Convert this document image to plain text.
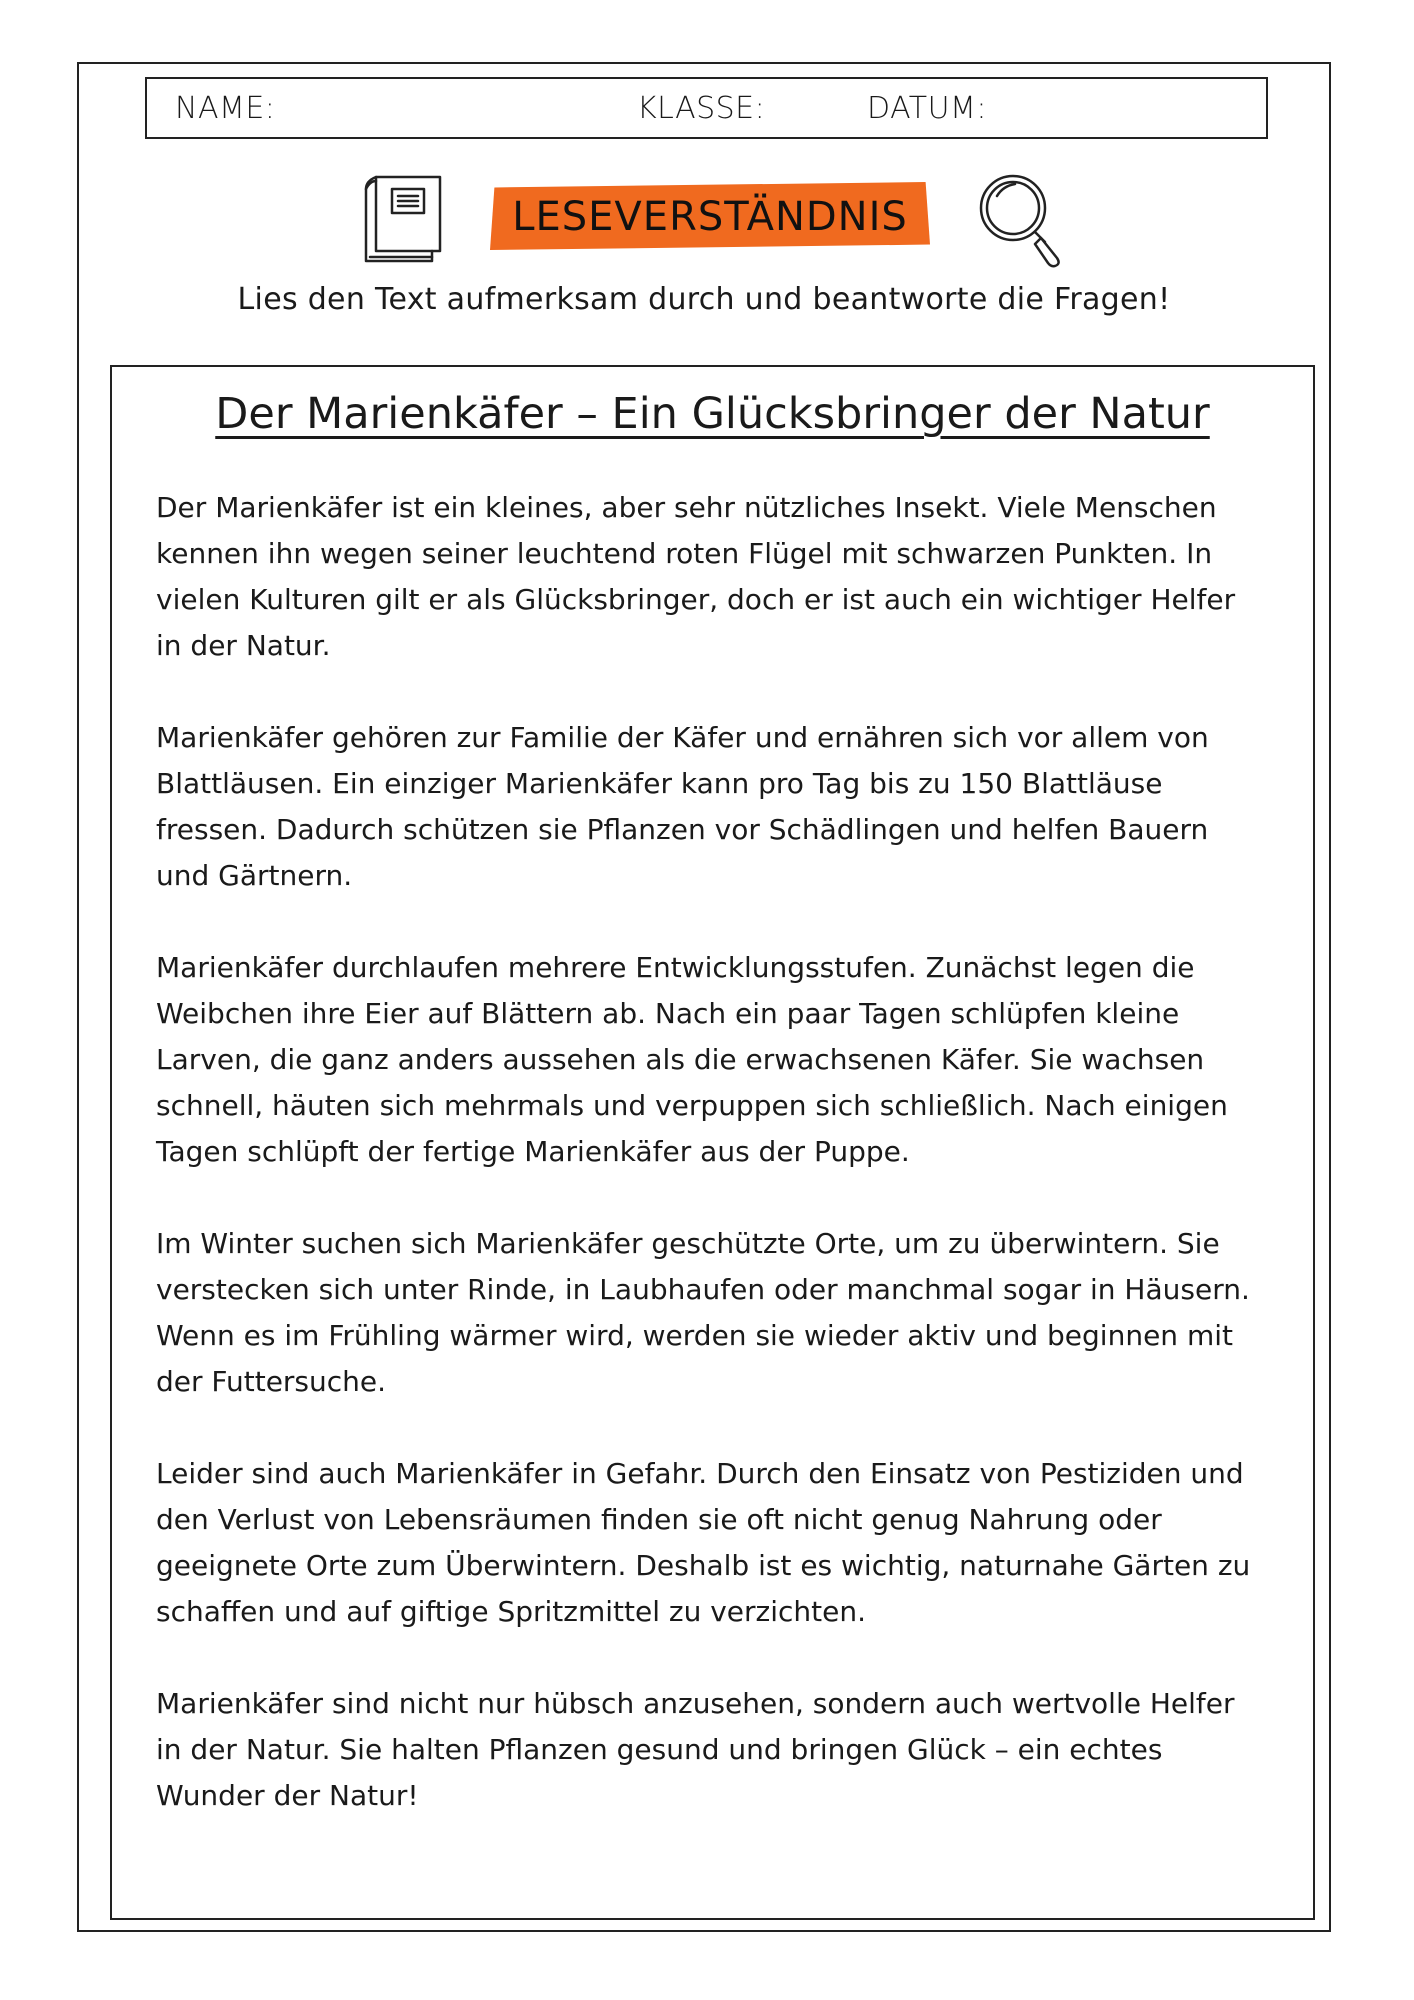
NAME:	KLASSE:	DATUM:
LESEVERSTÄNDNIS
Lies den Text aufmerksam durch und beantworte die Fragen!
Der Marienkäfer – Ein Glücksbringer der Natur

Der Marienkäfer ist ein kleines, aber sehr nützliches Insekt. Viele Menschen kennen ihn wegen seiner leuchtend roten Flügel mit schwarzen Punkten. In vielen Kulturen gilt er als Glücksbringer, doch er ist auch ein wichtiger Helfer in der Natur.

Marienkäfer gehören zur Familie der Käfer und ernähren sich vor allem von Blattläusen. Ein einziger Marienkäfer kann pro Tag bis zu 150 Blattläuse fressen. Dadurch schützen sie Pflanzen vor Schädlingen und helfen Bauern und Gärtnern.

Marienkäfer durchlaufen mehrere Entwicklungsstufen. Zunächst legen die Weibchen ihre Eier auf Blättern ab. Nach ein paar Tagen schlüpfen kleine Larven, die ganz anders aussehen als die erwachsenen Käfer. Sie wachsen schnell, häuten sich mehrmals und verpuppen sich schließlich. Nach einigen Tagen schlüpft der fertige Marienkäfer aus der Puppe.

Im Winter suchen sich Marienkäfer geschützte Orte, um zu überwintern. Sie verstecken sich unter Rinde, in Laubhaufen oder manchmal sogar in Häusern. Wenn es im Frühling wärmer wird, werden sie wieder aktiv und beginnen mit der Futtersuche.

Leider sind auch Marienkäfer in Gefahr. Durch den Einsatz von Pestiziden und den Verlust von Lebensräumen finden sie oft nicht genug Nahrung oder geeignete Orte zum Überwintern. Deshalb ist es wichtig, naturnahe Gärten zu schaffen und auf giftige Spritzmittel zu verzichten.

Marienkäfer sind nicht nur hübsch anzusehen, sondern auch wertvolle Helfer in der Natur. Sie halten Pflanzen gesund und bringen Glück – ein echtes Wunder der Natur!
